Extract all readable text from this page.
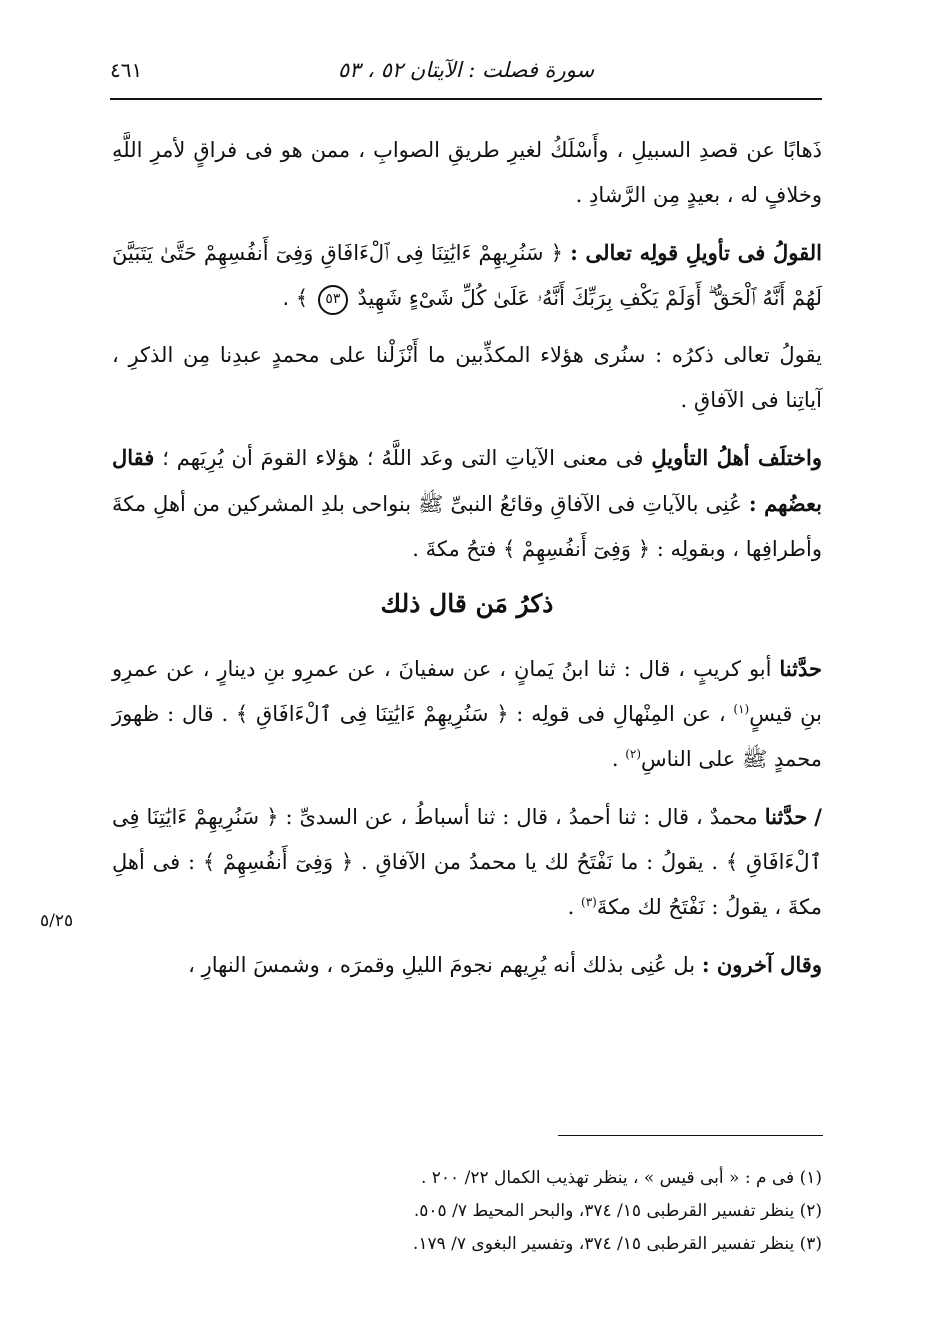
سورة فصلت : الآيتان ٥٢ ، ٥٣
٤٦١

ذَهابًا عن قصدِ السبيلِ ، وأَسْلَكُ لغيرِ طريقِ الصوابِ ، ممن هو فى فراقٍ لأمرِ اللَّهِ وخلافٍ له ، بعيدٍ مِن الرَّشادِ .

القولُ فى تأويلِ قولِه تعالى : ﴿ سَنُرِيهِمْ ءَايَٰتِنَا فِى ٱلْءَافَاقِ وَفِىٓ أَنفُسِهِمْ حَتَّىٰ يَتَبَيَّنَ لَهُمْ أَنَّهُ ٱلْحَقُّ ۗ أَوَلَمْ يَكْفِ بِرَبِّكَ أَنَّهُۥ عَلَىٰ كُلِّ شَىْءٍ شَهِيدٌ ٥٣ ﴾ .

يقولُ تعالى ذكرُه : سنُرى هؤلاء المكذِّبين ما أَنْزَلْنا على محمدٍ عبدِنا مِن الذكرِ ، آياتِنا فى الآفاقِ .

واختلَف أهلُ التأويلِ فى معنى الآياتِ التى وعَد اللَّهُ ؛ هؤلاء القومَ أن يُرِيَهم ؛ فقال بعضُهم : عُنِى بالآياتِ فى الآفاقِ وقائعُ النبىِّ ﷺ بنواحى بلدِ المشركين من أهلِ مكةَ وأطرافِها ، وبقولِه : ﴿ وَفِىٓ أَنفُسِهِمْ ﴾ فتحُ مكةَ .

ذكرُ مَن قال ذلك

حدَّثنا أبو كريبٍ ، قال : ثنا ابنُ يَمانٍ ، عن سفيانَ ، عن عمرِو بنِ دينارٍ ، عن عمرِو بنِ قيسٍ$^{(١)}$ ، عن المِنْهالِ فى قولِه : ﴿ سَنُرِيهِمْ ءَايَٰتِنَا فِى ٱلْءَافَاقِ ﴾ . قال : ظهورَ محمدٍ ﷺ على الناسِ$^{(٢)}$ .

/ حدَّثنا محمدٌ ، قال : ثنا أحمدُ ، قال : ثنا أسباطُ ، عن السدىِّ : ﴿ سَنُرِيهِمْ ءَايَٰتِنَا فِى ٱلْءَافَاقِ ﴾ . يقولُ : ما نَفْتَحُ لك يا محمدُ من الآفاقِ . ﴿ وَفِىٓ أَنفُسِهِمْ ﴾ : فى أهلِ مكةَ ، يقولُ : نَفْتَحُ لك مكةَ$^{(٣)}$ .

وقال آخرون : بل عُنِى بذلك أنه يُرِيهم نجومَ الليلِ وقمرَه ، وشمسَ النهارِ ،

٥/٢٥

(١) فى م : « أبى قيس » ، ينظر تهذيب الكمال ٢٢/ ٢٠٠ .

(٢) ينظر تفسير القرطبى ١٥/ ٣٧٤، والبحر المحيط ٧/ ٥٠٥.

(٣) ينظر تفسير القرطبى ١٥/ ٣٧٤، وتفسير البغوى ٧/ ١٧٩.
